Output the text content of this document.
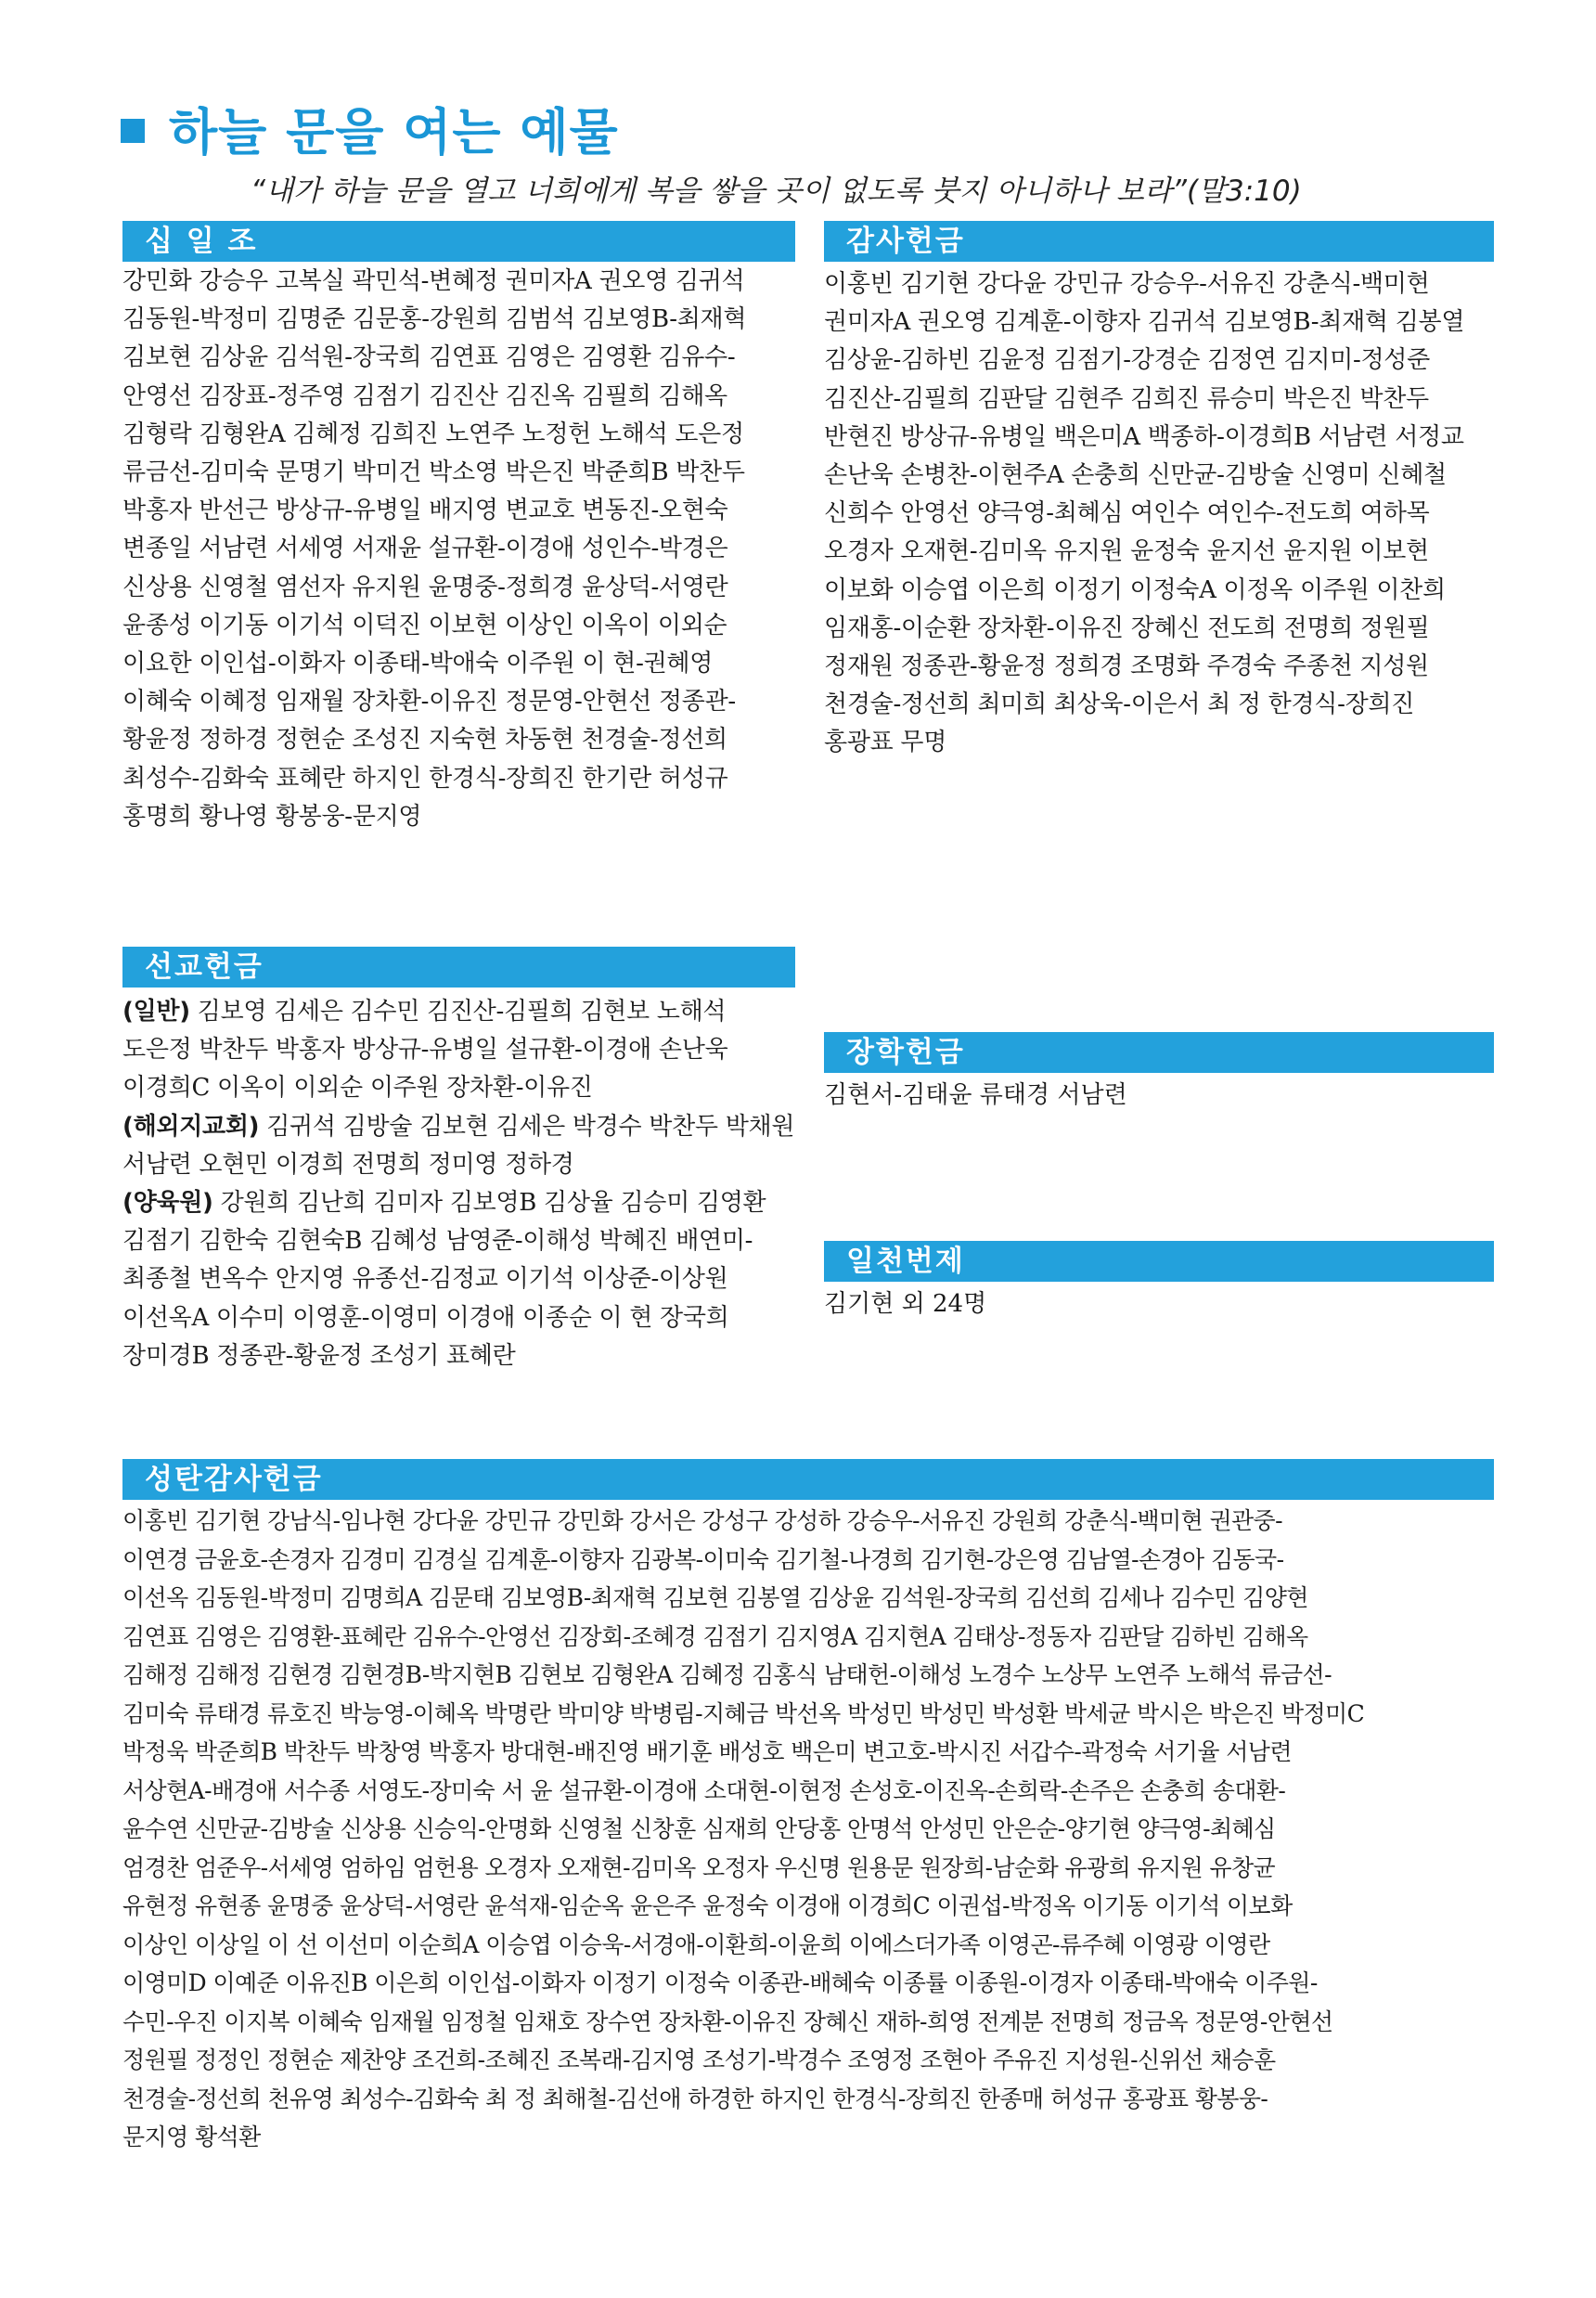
하늘 문을 여는 예물
“내가 하늘 문을 열고 너희에게 복을 쌓을 곳이 없도록 붓지 아니하나 보라”(말3:10)
십 일 조
강민화 강승우 고복실 곽민석-변혜정 권미자A 권오영 김귀석
김동원-박정미 김명준 김문홍-강원희 김범석 김보영B-최재혁
김보현 김상윤 김석원-장국희 김연표 김영은 김영환 김유수-
안영선 김장표-정주영 김점기 김진산 김진옥 김필희 김해옥
김형락 김형완A 김혜정 김희진 노연주 노정헌 노해석 도은정
류금선-김미숙 문명기 박미건 박소영 박은진 박준희B 박찬두
박홍자 반선근 방상규-유병일 배지영 변교호 변동진-오현숙
변종일 서남련 서세영 서재윤 설규환-이경애 성인수-박경은
신상용 신영철 염선자 유지원 윤명중-정희경 윤상덕-서영란
윤종성 이기동 이기석 이덕진 이보현 이상인 이옥이 이외순
이요한 이인섭-이화자 이종태-박애숙 이주원 이 현-권혜영
이혜숙 이혜정 임재월 장차환-이유진 정문영-안현선 정종관-
황윤정 정하경 정현순 조성진 지숙현 차동현 천경술-정선희
최성수-김화숙 표혜란 하지인 한경식-장희진 한기란 허성규
홍명희 황나영 황봉웅-문지영
감사헌금
이홍빈 김기현 강다윤 강민규 강승우-서유진 강춘식-백미현
권미자A 권오영 김계훈-이향자 김귀석 김보영B-최재혁 김봉열
김상윤-김하빈 김윤정 김점기-강경순 김정연 김지미-정성준
김진산-김필희 김판달 김현주 김희진 류승미 박은진 박찬두
반현진 방상규-유병일 백은미A 백종하-이경희B 서남련 서정교
손난욱 손병찬-이현주A 손충희 신만균-김방술 신영미 신혜철
신희수 안영선 양극영-최혜심 여인수 여인수-전도희 여하목
오경자 오재현-김미옥 유지원 윤정숙 윤지선 윤지원 이보현
이보화 이승엽 이은희 이정기 이정숙A 이정옥 이주원 이찬희
임재홍-이순환 장차환-이유진 장혜신 전도희 전명희 정원필
정재원 정종관-황윤정 정희경 조명화 주경숙 주종천 지성원
천경술-정선희 최미희 최상욱-이은서 최 정 한경식-장희진
홍광표 무명
선교헌금
(일반) 김보영 김세은 김수민 김진산-김필희 김현보 노해석
도은정 박찬두 박홍자 방상규-유병일 설규환-이경애 손난욱
이경희C 이옥이 이외순 이주원 장차환-이유진
(해외지교회) 김귀석 김방술 김보현 김세은 박경수 박찬두 박채원
서남련 오현민 이경희 전명희 정미영 정하경
(양육원) 강원희 김난희 김미자 김보영B 김상율 김승미 김영환
김점기 김한숙 김현숙B 김혜성 남영준-이해성 박혜진 배연미-
최종철 변옥수 안지영 유종선-김정교 이기석 이상준-이상원
이선옥A 이수미 이영훈-이영미 이경애 이종순 이 현 장국희
장미경B 정종관-황윤정 조성기 표혜란
장학헌금
김현서-김태윤 류태경 서남련
일천번제
김기현 외 24명
성탄감사헌금
이홍빈 김기현 강남식-임나현 강다윤 강민규 강민화 강서은 강성구 강성하 강승우-서유진 강원희 강춘식-백미현 권관중-
이연경 금윤호-손경자 김경미 김경실 김계훈-이향자 김광복-이미숙 김기철-나경희 김기현-강은영 김남열-손경아 김동국-
이선옥 김동원-박정미 김명희A 김문태 김보영B-최재혁 김보현 김봉열 김상윤 김석원-장국희 김선희 김세나 김수민 김양현
김연표 김영은 김영환-표혜란 김유수-안영선 김장회-조혜경 김점기 김지영A 김지현A 김태상-정동자 김판달 김하빈 김해옥
김해정 김해정 김현경 김현경B-박지현B 김현보 김형완A 김혜정 김홍식 남태헌-이해성 노경수 노상무 노연주 노해석 류금선-
김미숙 류태경 류호진 박능영-이혜옥 박명란 박미양 박병림-지혜금 박선옥 박성민 박성민 박성환 박세균 박시은 박은진 박정미C
박정욱 박준희B 박찬두 박창영 박홍자 방대현-배진영 배기훈 배성호 백은미 변고호-박시진 서갑수-곽정숙 서기율 서남련
서상현A-배경애 서수종 서영도-장미숙 서 윤 설규환-이경애 소대현-이현정 손성호-이진옥-손희락-손주은 손충희 송대환-
윤수연 신만균-김방술 신상용 신승익-안명화 신영철 신창훈 심재희 안당홍 안명석 안성민 안은순-양기현 양극영-최혜심
엄경찬 엄준우-서세영 엄하임 엄헌용 오경자 오재현-김미옥 오정자 우신명 원용문 원장희-남순화 유광희 유지원 유창균
유현정 유현종 윤명중 윤상덕-서영란 윤석재-임순옥 윤은주 윤정숙 이경애 이경희C 이권섭-박정옥 이기동 이기석 이보화
이상인 이상일 이 선 이선미 이순희A 이승엽 이승욱-서경애-이환희-이윤희 이에스더가족 이영곤-류주혜 이영광 이영란
이영미D 이예준 이유진B 이은희 이인섭-이화자 이정기 이정숙 이종관-배혜숙 이종률 이종원-이경자 이종태-박애숙 이주원-
수민-우진 이지복 이혜숙 임재월 임정철 임채호 장수연 장차환-이유진 장혜신 재하-희영 전계분 전명희 정금옥 정문영-안현선
정원필 정정인 정현순 제찬양 조건희-조혜진 조복래-김지영 조성기-박경수 조영정 조현아 주유진 지성원-신위선 채승훈
천경술-정선희 천유영 최성수-김화숙 최 정 최해철-김선애 하경한 하지인 한경식-장희진 한종매 허성규 홍광표 황봉웅-
문지영 황석환
